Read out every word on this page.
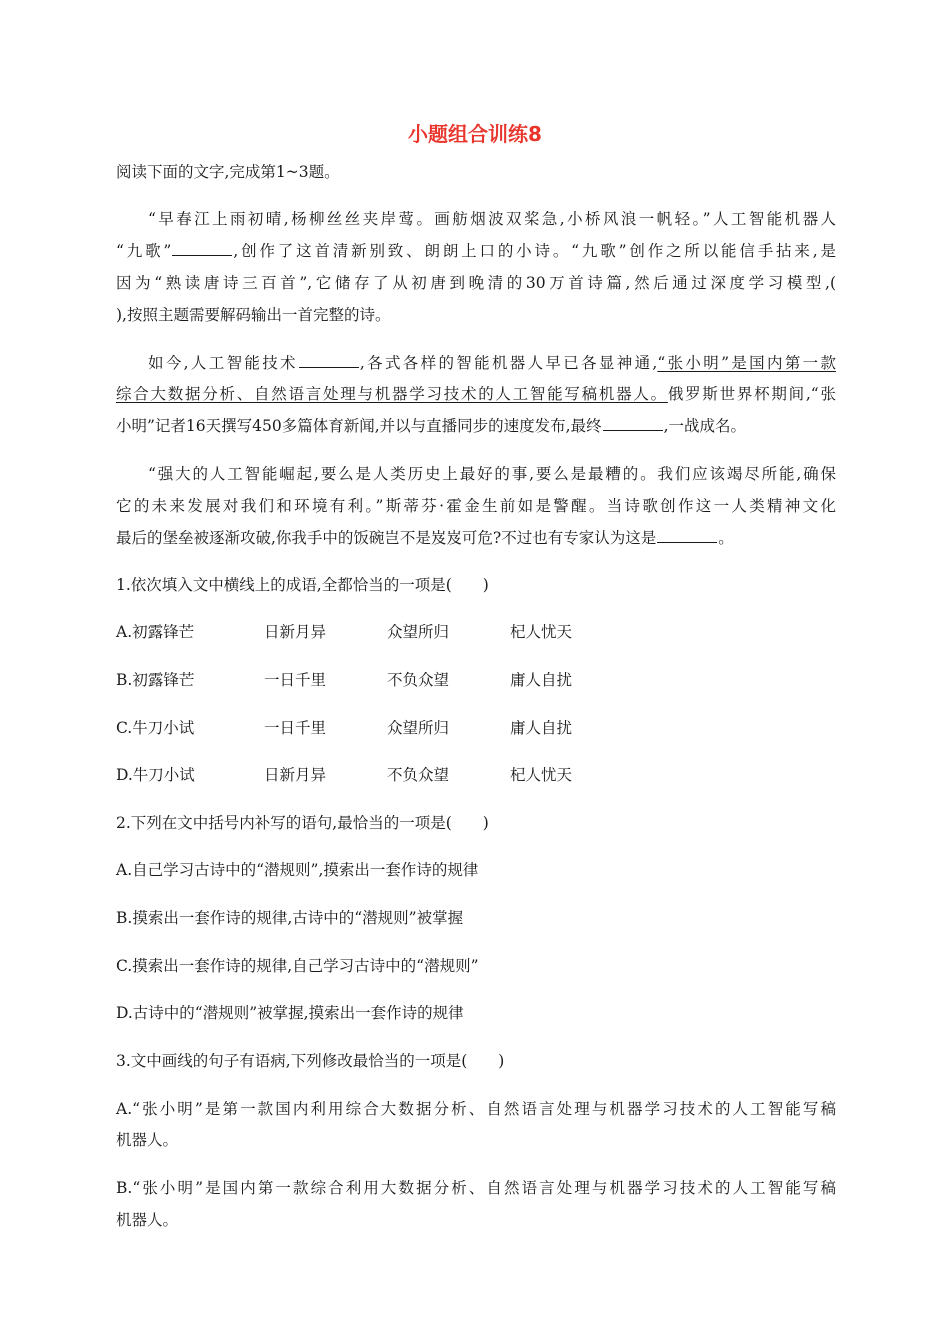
小题组合训练8
阅读下面的文字,完成第1~3题。
“早春江上雨初晴,杨柳丝丝夹岸莺。画舫烟波双桨急,小桥风浪一帆轻。”人工智能机器人
“九歌”	,创作了这首清新别致、朗朗上口的小诗。“九歌”创作之所以能信手拈来,是
因为“熟读唐诗三百首”,它储存了从初唐到晚清的30万首诗篇,然后通过深度学习模型,(
),按照主题需要解码输出一首完整的诗。
如今,人工智能技术	,各式各样的智能机器人早已各显神通,“张小明”是国内第一款
综合大数据分析、自然语言处理与机器学习技术的人工智能写稿机器人。俄罗斯世界杯期间,“张
小明”记者16天撰写450多篇体育新闻,并以与直播同步的速度发布,最终	,一战成名。
“强大的人工智能崛起,要么是人类历史上最好的事,要么是最糟的。我们应该竭尽所能,确保
它的未来发展对我们和环境有利。”斯蒂芬·霍金生前如是警醒。当诗歌创作这一人类精神文化
最后的堡垒被逐渐攻破,你我手中的饭碗岂不是岌岌可危?不过也有专家认为这是	。
1.依次填入文中横线上的成语,全都恰当的一项是(　　)
A.初露锋芒	日新月异	众望所归	杞人忧天
B.初露锋芒	一日千里	不负众望	庸人自扰
C.牛刀小试	一日千里	众望所归	庸人自扰
D.牛刀小试	日新月异	不负众望	杞人忧天
2.下列在文中括号内补写的语句,最恰当的一项是(　　)
A.自己学习古诗中的“潜规则”,摸索出一套作诗的规律
B.摸索出一套作诗的规律,古诗中的“潜规则”被掌握
C.摸索出一套作诗的规律,自己学习古诗中的“潜规则”
D.古诗中的“潜规则”被掌握,摸索出一套作诗的规律
3.文中画线的句子有语病,下列修改最恰当的一项是(　　)
A.“张小明”是第一款国内利用综合大数据分析、自然语言处理与机器学习技术的人工智能写稿
机器人。
B.“张小明”是国内第一款综合利用大数据分析、自然语言处理与机器学习技术的人工智能写稿
机器人。
